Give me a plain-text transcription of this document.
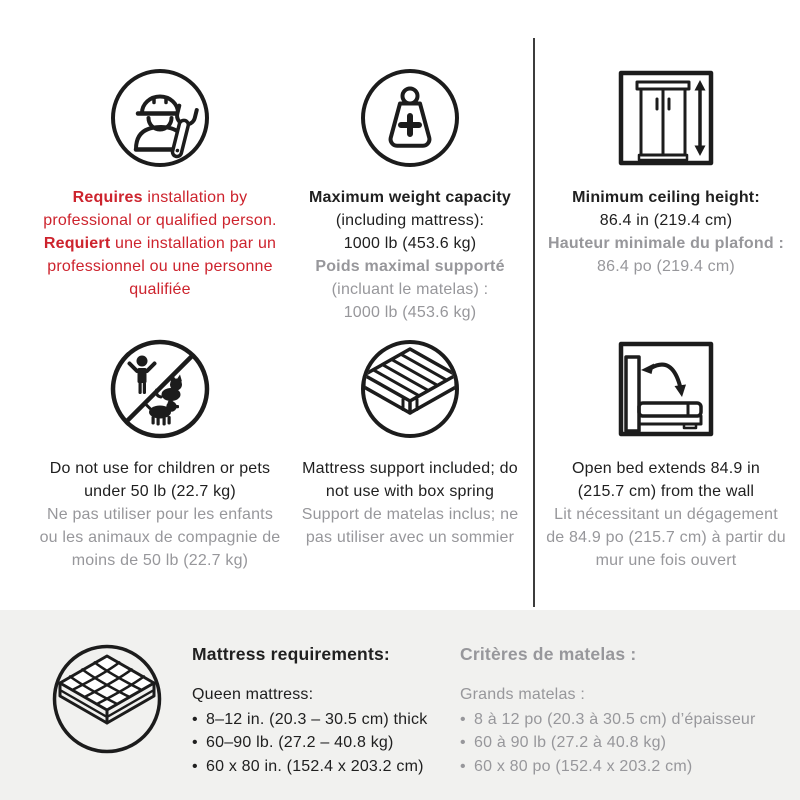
Requires installation by

professional or qualified person.

Requiert une installation par un

professionnel ou une personne

qualifiée

Maximum weight capacity

(including mattress):

1000 lb (453.6 kg)

Poids maximal supporté

(incluant le matelas) :

1000 lb (453.6 kg)

Minimum ceiling height:

86.4 in (219.4 cm)

Hauteur minimale du plafond :

86.4 po (219.4 cm)

Do not use for children or pets

under 50 lb (22.7 kg)

Ne pas utiliser pour les enfants

ou les animaux de compagnie de

moins de 50 lb (22.7 kg)

Mattress support included; do

not use with box spring

Support de matelas inclus; ne

pas utiliser avec un sommier

Open bed extends 84.9 in

(215.7 cm) from the wall

Lit nécessitant un dégagement

de 84.9 po (215.7 cm) à partir du

mur une fois ouvert

Mattress requirements:

Queen mattress:

• 8–12 in. (20.3 – 30.5 cm) thick
• 60–90 lb. (27.2 – 40.8 kg)
• 60 x 80 in. (152.4 x 203.2 cm)
Critères de matelas :

Grands matelas :

• 8 à 12 po (20.3 à 30.5 cm) d’épaisseur
• 60 à 90 lb (27.2 à 40.8 kg)
• 60 x 80 po (152.4 x 203.2 cm)
